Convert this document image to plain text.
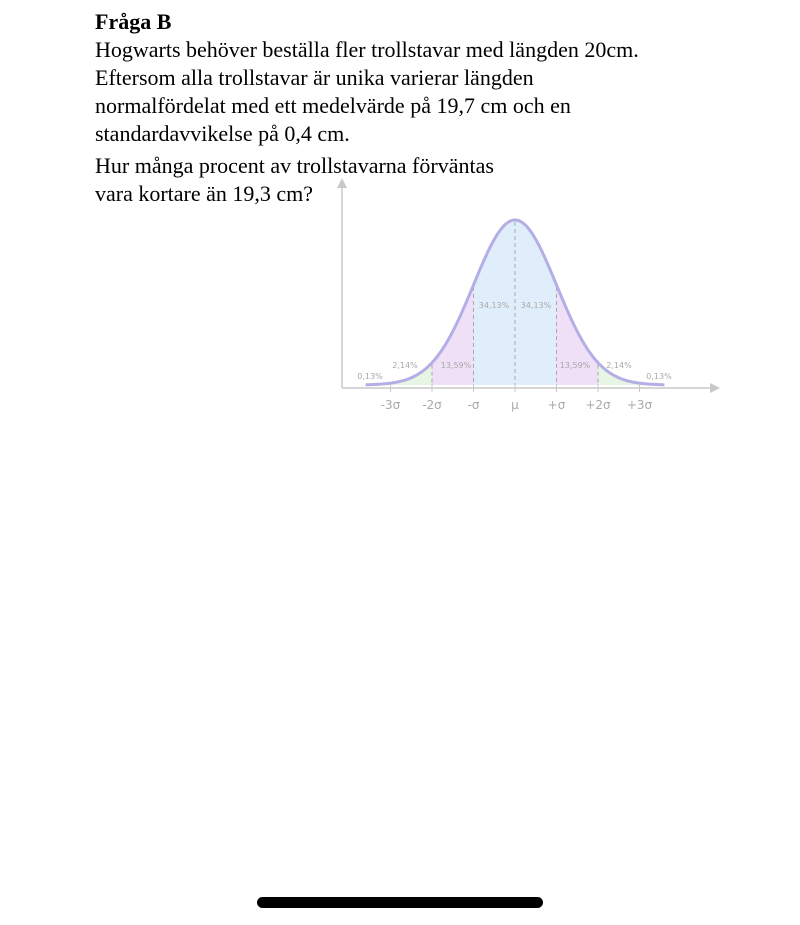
Fråga B

Hogwarts behöver beställa fler trollstavar med längden 20cm.
Eftersom alla trollstavar är unika varierar längden
normalfördelat med ett medelvärde på 19,7 cm och en
standardavvikelse på 0,4 cm.

Hur många procent av trollstavarna förväntas
vara kortare än 19,3 cm?

-3σ -2σ -σ	μ +σ +2σ +3σ
0,13%
2,14%	13,59%
34,13% 34,13%
13,59% 2,14%
0,13%
